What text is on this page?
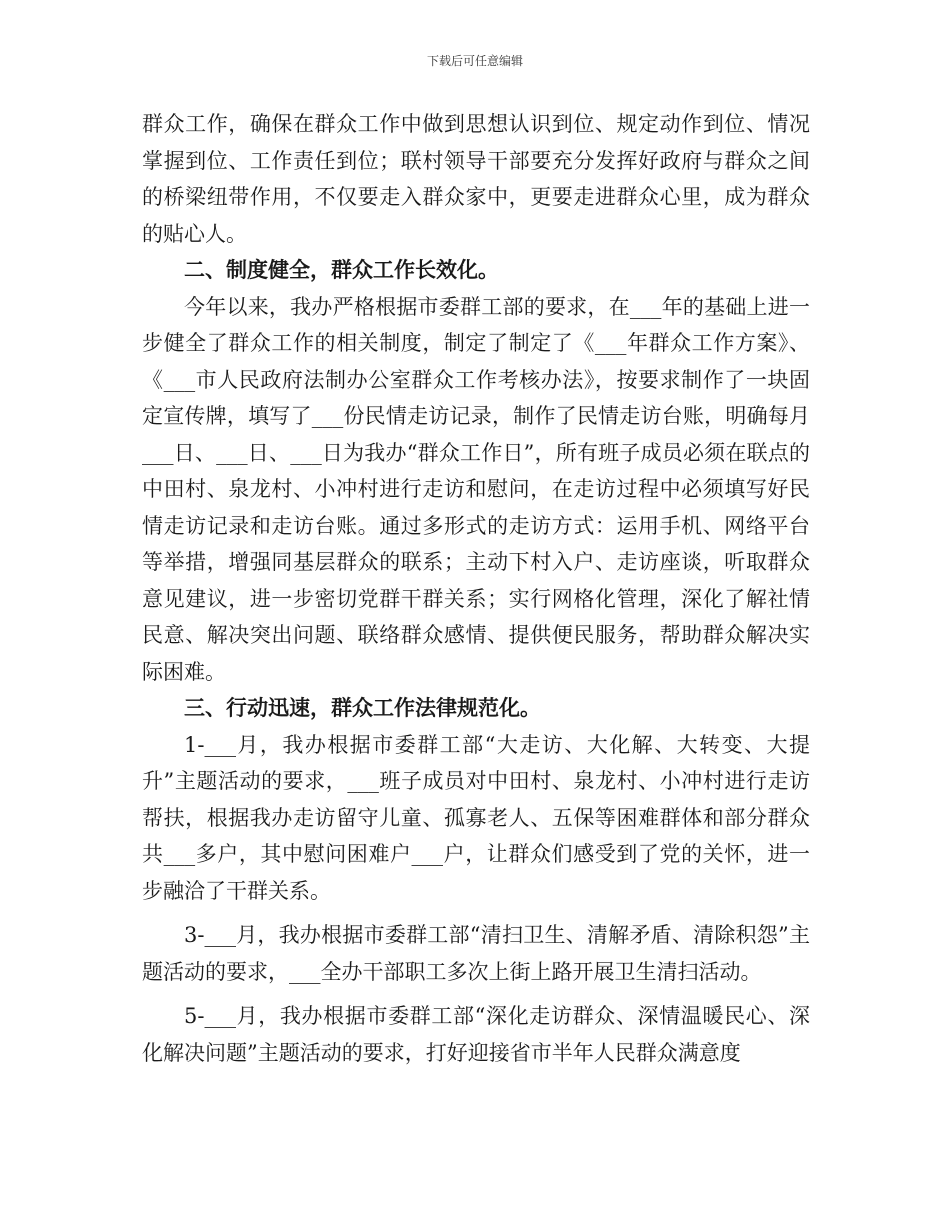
下载后可任意编辑

群众工作，确保在群众工作中做到思想认识到位、规定动作到位、情况掌握到位、工作责任到位；联村领导干部要充分发挥好政府与群众之间的桥梁纽带作用，不仅要走入群众家中，更要走进群众心里，成为群众的贴心人。

二、制度健全，群众工作长效化。

今年以来，我办严格根据市委群工部的要求，在___年的基础上进一步健全了群众工作的相关制度，制定了制定了《___年群众工作方案》、《___市人民政府法制办公室群众工作考核办法》，按要求制作了一块固定宣传牌，填写了___份民情走访记录，制作了民情走访台账，明确每月___日、___日、___日为我办“群众工作日”，所有班子成员必须在联点的中田村、泉龙村、小冲村进行走访和慰问，在走访过程中必须填写好民情走访记录和走访台账。通过多形式的走访方式：运用手机、网络平台等举措，增强同基层群众的联系；主动下村入户、走访座谈，听取群众意见建议，进一步密切党群干群关系；实行网格化管理，深化了解社情民意、解决突出问题、联络群众感情、提供便民服务，帮助群众解决实际困难。

三、行动迅速，群众工作法律规范化。

1-___月，我办根据市委群工部“大走访、大化解、大转变、大提升”主题活动的要求，___班子成员对中田村、泉龙村、小冲村进行走访帮扶，根据我办走访留守儿童、孤寡老人、五保等困难群体和部分群众共___多户，其中慰问困难户___户，让群众们感受到了党的关怀，进一步融洽了干群关系。

3-___月，我办根据市委群工部“清扫卫生、清解矛盾、清除积怨”主题活动的要求，___全办干部职工多次上街上路开展卫生清扫活动。

5-___月，我办根据市委群工部“深化走访群众、深情温暖民心、深化解决问题”主题活动的要求，打好迎接省市半年人民群众满意度
